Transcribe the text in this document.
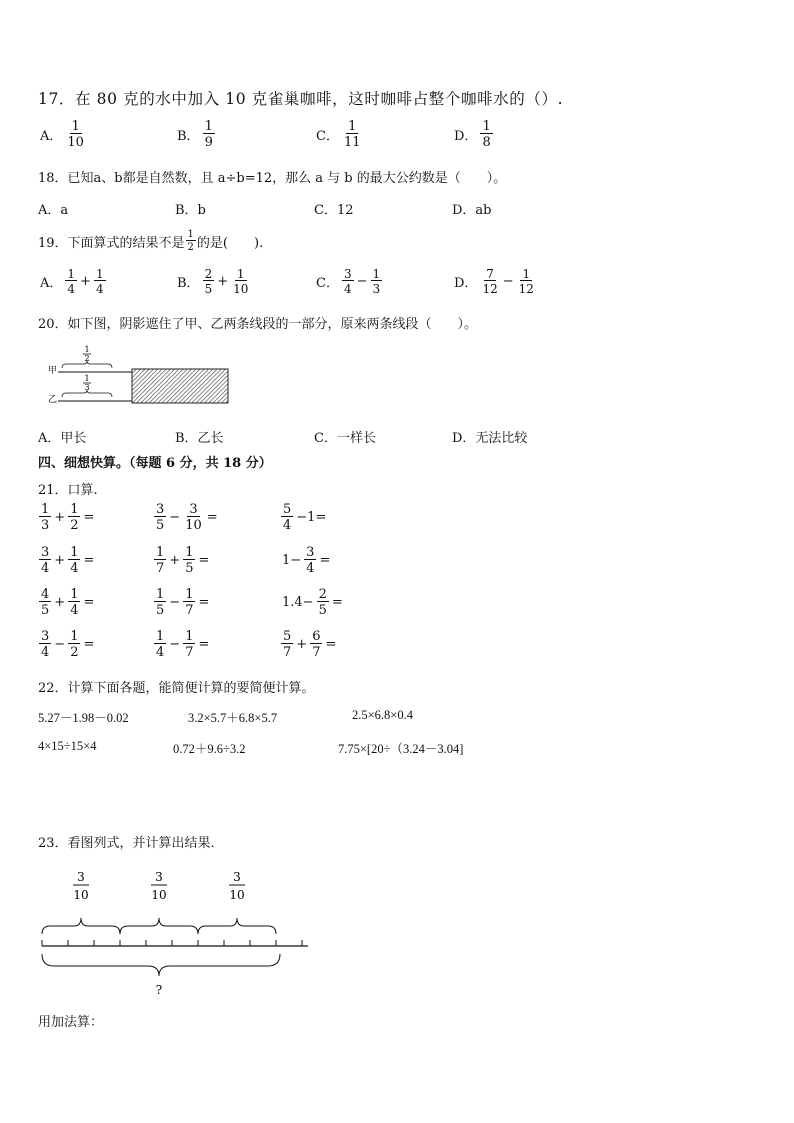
17．在 80 克的水中加入 10 克雀巢咖啡，这时咖啡占整个咖啡水的（）.
A． $\frac{1}{10}$	B． $\frac{1}{9}$	C． $\frac{1}{11}$	D． $\frac{1}{8}$
18．已知a、b都是自然数，且 a÷b=12，那么 a 与 b 的最大公约数是（　　）。
A．a	B．b	C．12	D．ab
19．下面算式的结果不是 $\frac{1}{2}$ 的是(　　).
A． $\frac{1}{4} + \frac{1}{4}$	B． $\frac{2}{5} + \frac{1}{10}$	C． $\frac{3}{4} - \frac{1}{3}$	D． $\frac{7}{12} - \frac{1}{12}$
20．如下图，阴影遮住了甲、乙两条线段的一部分，原来两条线段（　　）。
甲
乙
1
2
1
3
A．甲长	B．乙长	C．一样长	D．无法比较
四、细想快算。（每题 6 分，共 18 分）
21．口算.
$\frac{1}{3} + \frac{1}{2}$ =	$\frac{3}{5} - \frac{3}{10}$ =	$\frac{5}{4} -1=$
$\frac{3}{4} + \frac{1}{4}$ =	$\frac{1}{7} + \frac{1}{5}$ =	$1- \frac{3}{4}$ =
$\frac{4}{5} + \frac{1}{4}$ =	$\frac{1}{5} - \frac{1}{7}$ =	$1.4- \frac{2}{5}$ =
$\frac{3}{4} - \frac{1}{2}$ =	$\frac{1}{4} - \frac{1}{7}$ =	$\frac{5}{7} + \frac{6}{7}$ =
22．计算下面各题，能简便计算的要简便计算。
5.27－1.98－0.02	3.2×5.7＋6.8×5.7	2.5×6.8×0.4
4×15÷15×4	0.72＋9.6÷3.2	7.75×[20÷（3.24－3.04]
23．看图列式，并计算出结果.
3
10
3
10
3
10
?
用加法算：
